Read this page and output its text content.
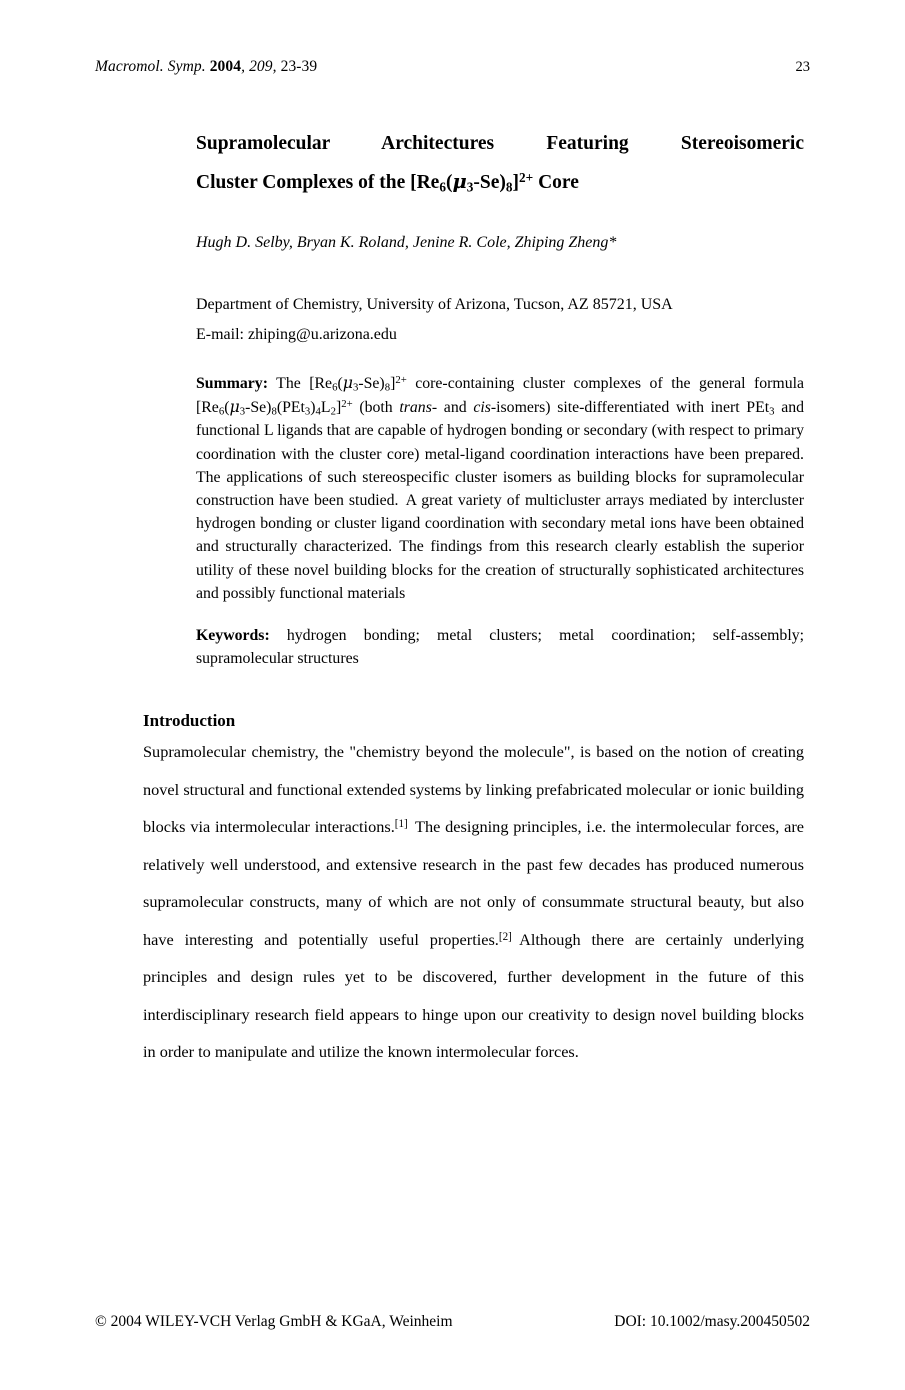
Macromol. Symp. 2004, 209, 23-39	23
Supramolecular Architectures Featuring Stereoisomeric
Cluster Complexes of the $[Re_6(\mu_3-Se)_8]^{2+}$ Core
Hugh D. Selby, Bryan K. Roland, Jenine R. Cole, Zhiping Zheng*
Department of Chemistry, University of Arizona, Tucson, AZ 85721, USA
E-mail: zhiping@u.arizona.edu
Summary: The $[Re_6(\mu_3-Se)_8]^{2+}$ core-containing cluster complexes of the general formula $[Re_6(\mu_3-Se)_8(PEt_3)_4L_2]^{2+}$ (both trans- and cis-isomers) site-differentiated with inert PEt$_3$ and functional L ligands that are capable of hydrogen bonding or secondary (with respect to primary coordination with the cluster core) metal-ligand coordination interactions have been prepared. The applications of such stereospecific cluster isomers as building blocks for supramolecular construction have been studied. A great variety of multicluster arrays mediated by intercluster hydrogen bonding or cluster ligand coordination with secondary metal ions have been obtained and structurally characterized. The findings from this research clearly establish the superior utility of these novel building blocks for the creation of structurally sophisticated architectures and possibly functional materials
Keywords: hydrogen bonding; metal clusters; metal coordination; self-assembly; supramolecular structures
Introduction
Supramolecular chemistry, the "chemistry beyond the molecule", is based on the notion of creating novel structural and functional extended systems by linking prefabricated molecular or ionic building blocks via intermolecular interactions.[1] The designing principles, i.e. the intermolecular forces, are relatively well understood, and extensive research in the past few decades has produced numerous supramolecular constructs, many of which are not only of consummate structural beauty, but also have interesting and potentially useful properties.[2] Although there are certainly underlying principles and design rules yet to be discovered, further development in the future of this interdisciplinary research field appears to hinge upon our creativity to design novel building blocks in order to manipulate and utilize the known intermolecular forces.
© 2004 WILEY-VCH Verlag GmbH & KGaA, Weinheim	DOI: 10.1002/masy.200450502
